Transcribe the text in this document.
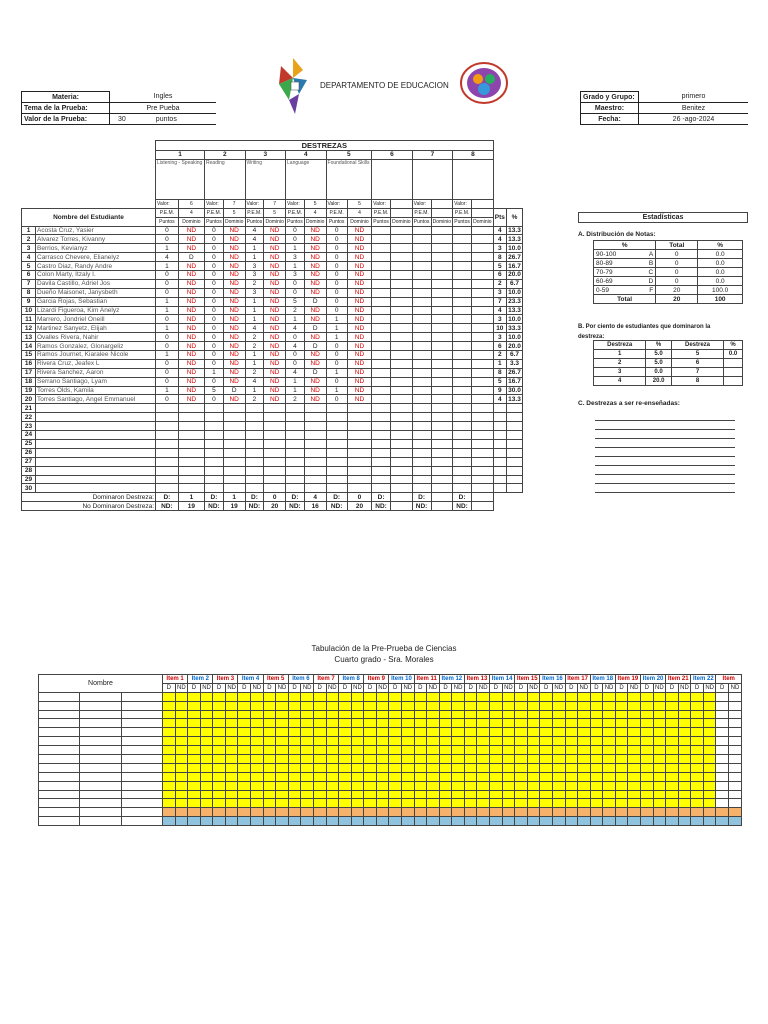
DEPARTAMENTO DE EDUCACION
Materia:	Ingles
Tema de la Prueba:	Pre Pueba
Valor de la Prueba:	30 puntos
Grado y Grupo:	primero
Maestro:	Benitez
Fecha:	26 -ago-2024
		DESTREZAS																	
		1		2		3		4		5		6		7		8			
		Listening - Speaking		Reading		Writing		Language		Foundational Skills									
		Valor:	6	Valor:	7	Valor:	7	Valor:	5	Valor:	5	Valor:		Valor:		Valor:			
Nombre del Estudiante		P.E.M.	4	P.E.M.	5	P.E.M.	5	P.E.M.	4	P.E.M.	4	P.E.M.		P.E.M.		P.E.M.		Pts	%
		Puntos	Dominio	Puntos	Dominio	Puntos	Dominio	Puntos	Dominio	Puntos	Dominio	Puntos	Dominio	Puntos	Dominio	Puntos	Dominio		
1	Acosta Cruz, Yasier	0	ND	0	ND	4	ND	0	ND	0	ND							4	13.3
2	Alvarez Torres, Kivanny	0	ND	0	ND	4	ND	0	ND	0	ND							4	13.3
3	Berrios, Kevianyz	1	ND	0	ND	1	ND	1	ND	0	ND							3	10.0
4	Carrasco Chevere, Elianelyz	4	D	0	ND	1	ND	3	ND	0	ND							8	26.7
5	Castro Diaz, Randy Andre	1	ND	0	ND	3	ND	1	ND	0	ND							5	16.7
6	Colon Marty, Itzaly I.	0	ND	0	ND	3	ND	3	ND	0	ND							6	20.0
7	Davila Castillo, Adriel Jos	0	ND	0	ND	2	ND	0	ND	0	ND							2	6.7
8	Dueño Maisonet, Janysbeth	0	ND	0	ND	3	ND	0	ND	0	ND							3	10.0
9	Garcia Rojas, Sebastian	1	ND	0	ND	1	ND	5	D	0	ND							7	23.3
10	Lizardi Figueroa, Kim Anelyz	1	ND	0	ND	1	ND	2	ND	0	ND							4	13.3
11	Marrero, Jondriel Oneill	0	ND	0	ND	1	ND	1	ND	1	ND							3	10.0
12	Martinez Sanyetz, Elijah	1	ND	0	ND	4	ND	4	D	1	ND							10	33.3
13	Ovalles Rivera, Nahir	0	ND	0	ND	2	ND	0	ND	1	ND							3	10.0
14	Ramos Gonzalez, Glonargeliz	0	ND	0	ND	2	ND	4	D	0	ND							6	20.0
15	Ramos Journet, Kiaralee Nicole	1	ND	0	ND	1	ND	0	ND	0	ND							2	6.7
16	Rivera Cruz, Jeafex L	0	ND	0	ND	1	ND	0	ND	0	ND							1	3.3
17	Rivera Sanchez, Aaron	0	ND	1	ND	2	ND	4	D	1	ND							8	26.7
18	Serrano Santiago, Lyam	0	ND	0	ND	4	ND	1	ND	0	ND							5	16.7
19	Torres Olds, Kamila	1	ND	5	D	1	ND	1	ND	1	ND							9	30.0
20	Torres Santiago, Angel Emmanuel	0	ND	0	ND	2	ND	2	ND	0	ND							4	13.3
21																			
22																			
23																			
24																			
25																			
26																			
27																			
28																			
29																			
30																			
Dominaron Destreza:		D:	1	D:	1	D:	0	D:	4	D:	0	D:		D:		D:			
No Dominaron Destreza:		ND:	19	ND:	19	ND:	20	ND:	16	ND:	20	ND:		ND:		ND:			
Estadísticas
A. Distribución de Notas:
%	Total	%
90-100 A	0	0.0
80-89 B	0	0.0
70-79 C	0	0.0
60-69 D	0	0.0
0-59 F	20	100.0
Total	20	100
B. Por ciento de estudiantes que dominaron la destreza:
Destreza	%	Destreza	%
1	5.0	5	0.0
2	5.0	6	
3	0.0	7	
4	20.0	8	
C. Destrezas a ser re-enseñadas:
Tabulación de la Pre-Prueba de Ciencias
Cuarto grado - Sra. Morales
Nombre			Item 1		Item 2		Item 3		Item 4		Item 5		Item 6		Item 7		Item 8		Item 9		Item 10		Item 11		Item 12		Item 13		Item 14		Item 15		Item 16		Item 17		Item 18		Item 19		Item 20		Item 21		Item 22		Item	
			D	ND	D	ND	D	ND	D	ND	D	ND	D	ND	D	ND	D	ND	D	ND	D	ND	D	ND	D	ND	D	ND	D	ND	D	ND	D	ND	D	ND	D	ND	D	ND	D	ND	D	ND	D	ND	D	ND
